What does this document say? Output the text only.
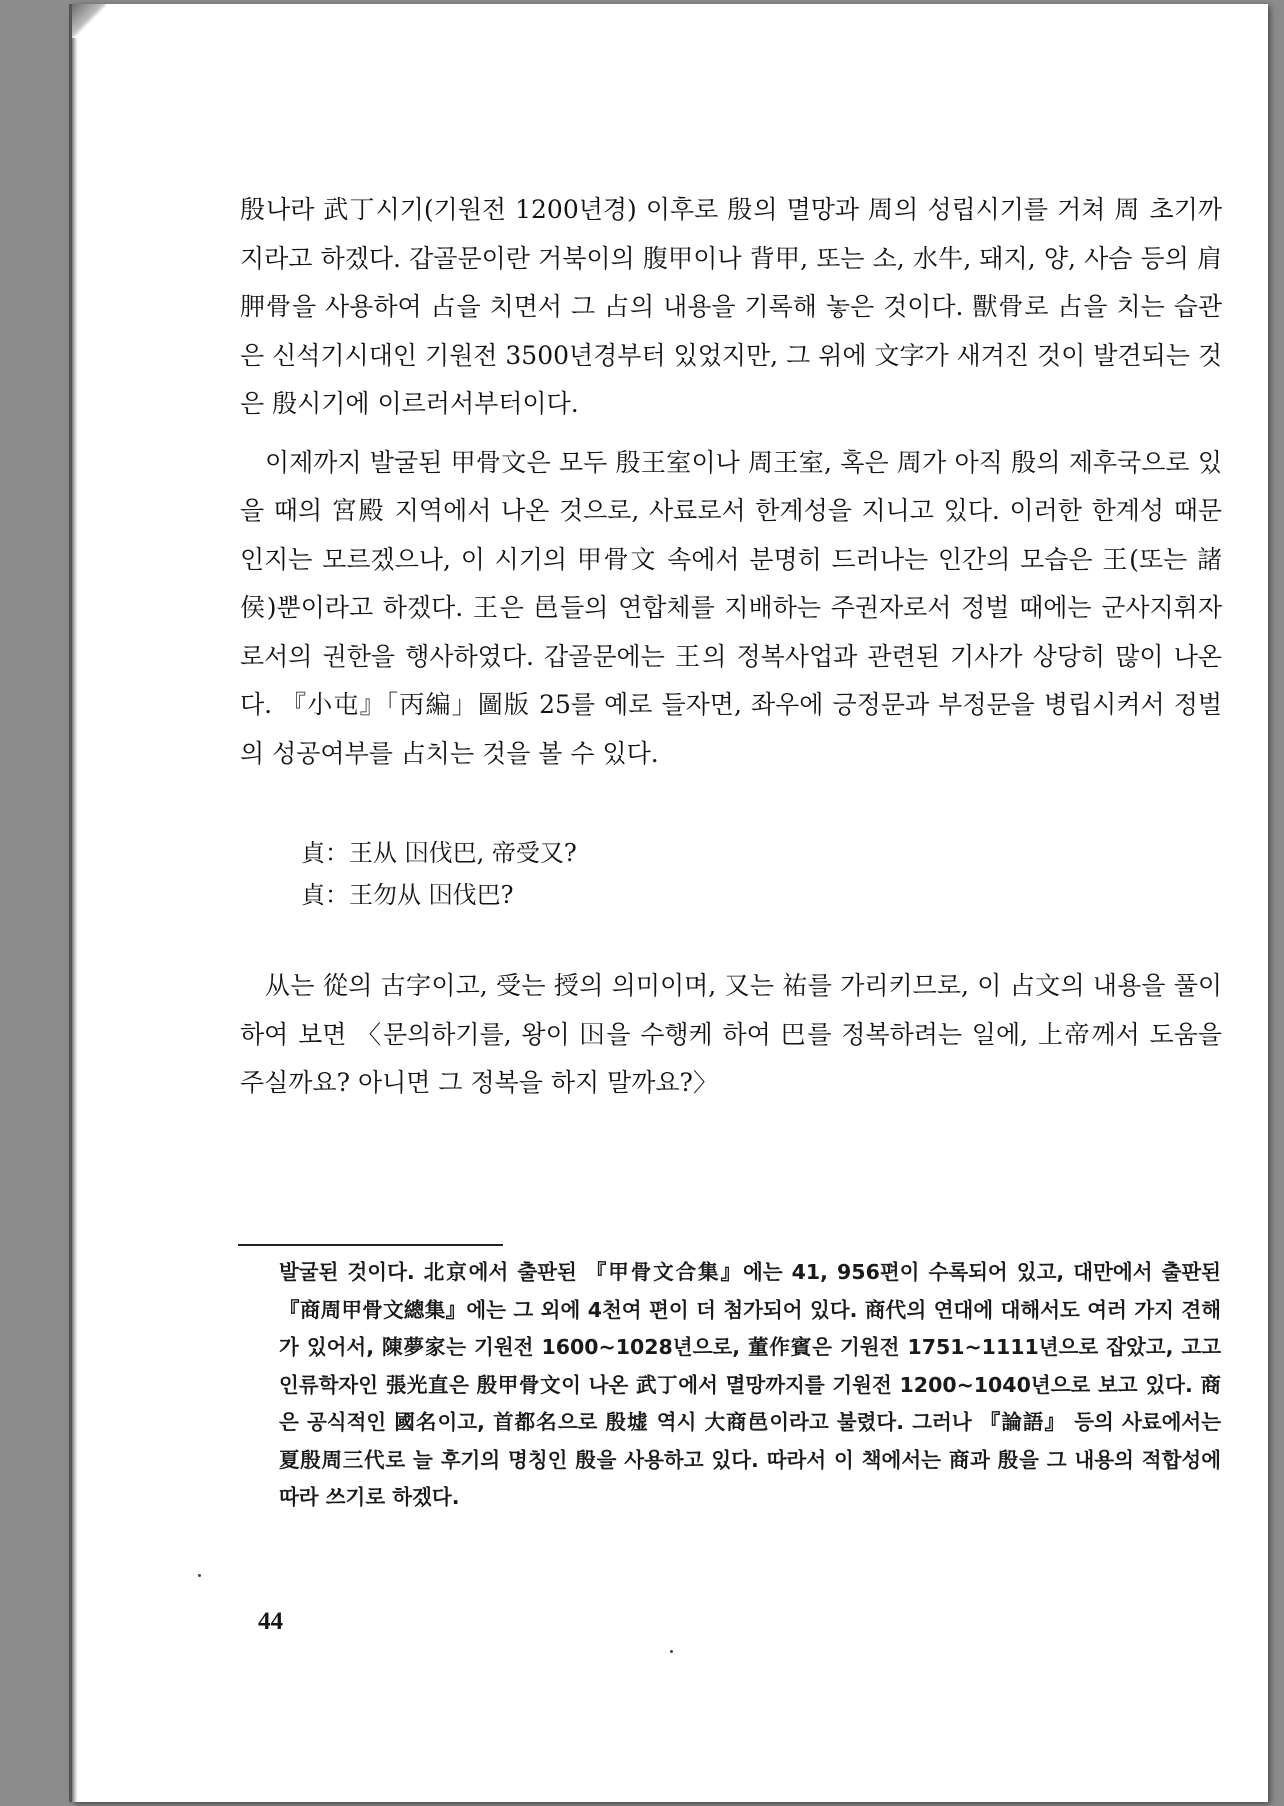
殷나라 武丁시기(기원전 1200년경) 이후로 殷의 멸망과 周의 성립시기를 거쳐 周 초기까지라고 하겠다. 갑골문이란 거북이의 腹甲이나 背甲, 또는 소, 水牛, 돼지, 양, 사슴 등의 肩胛骨을 사용하여 占을 치면서 그 占의 내용을 기록해 놓은 것이다. 獸骨로 占을 치는 습관은 신석기시대인 기원전 3500년경부터 있었지만, 그 위에 文字가 새겨진 것이 발견되는 것은 殷시기에 이르러서부터이다.

이제까지 발굴된 甲骨文은 모두 殷王室이나 周王室, 혹은 周가 아직 殷의 제후국으로 있을 때의 宮殿 지역에서 나온 것으로, 사료로서 한계성을 지니고 있다. 이러한 한계성 때문인지는 모르겠으나, 이 시기의 甲骨文 속에서 분명히 드러나는 인간의 모습은 王(또는 諸侯)뿐이라고 하겠다. 王은 邑들의 연합체를 지배하는 주권자로서 정벌 때에는 군사지휘자로서의 권한을 행사하였다. 갑골문에는 王의 정복사업과 관련된 기사가 상당히 많이 나온다. 『小屯』「丙編」圖版 25를 예로 들자면, 좌우에 긍정문과 부정문을 병립시켜서 정벌의 성공여부를 占치는 것을 볼 수 있다.

貞：王从 𡆥伐巴, 帝受又?
貞：王勿从 𡆥伐巴?

从는 從의 古字이고, 受는 授의 의미이며, 又는 祐를 가리키므로, 이 占文의 내용을 풀이하여 보면 〈문의하기를, 왕이 𡆥을 수행케 하여 巴를 정복하려는 일에, 上帝께서 도움을 주실까요? 아니면 그 정복을 하지 말까요?〉

발굴된 것이다. 北京에서 출판된 『甲骨文合集』에는 41, 956편이 수록되어 있고, 대만에서 출판된 『商周甲骨文總集』에는 그 외에 4천여 편이 더 첨가되어 있다. 商代의 연대에 대해서도 여러 가지 견해가 있어서, 陳夢家는 기원전 1600~1028년으로, 董作賓은 기원전 1751~1111년으로 잡았고, 고고인류학자인 張光直은 殷甲骨文이 나온 武丁에서 멸망까지를 기원전 1200~1040년으로 보고 있다. 商은 공식적인 國名이고, 首都名으로 殷墟 역시 大商邑이라고 불렸다. 그러나 『論語』 등의 사료에서는 夏殷周三代로 늘 후기의 명칭인 殷을 사용하고 있다. 따라서 이 책에서는 商과 殷을 그 내용의 적합성에 따라 쓰기로 하겠다.

44
